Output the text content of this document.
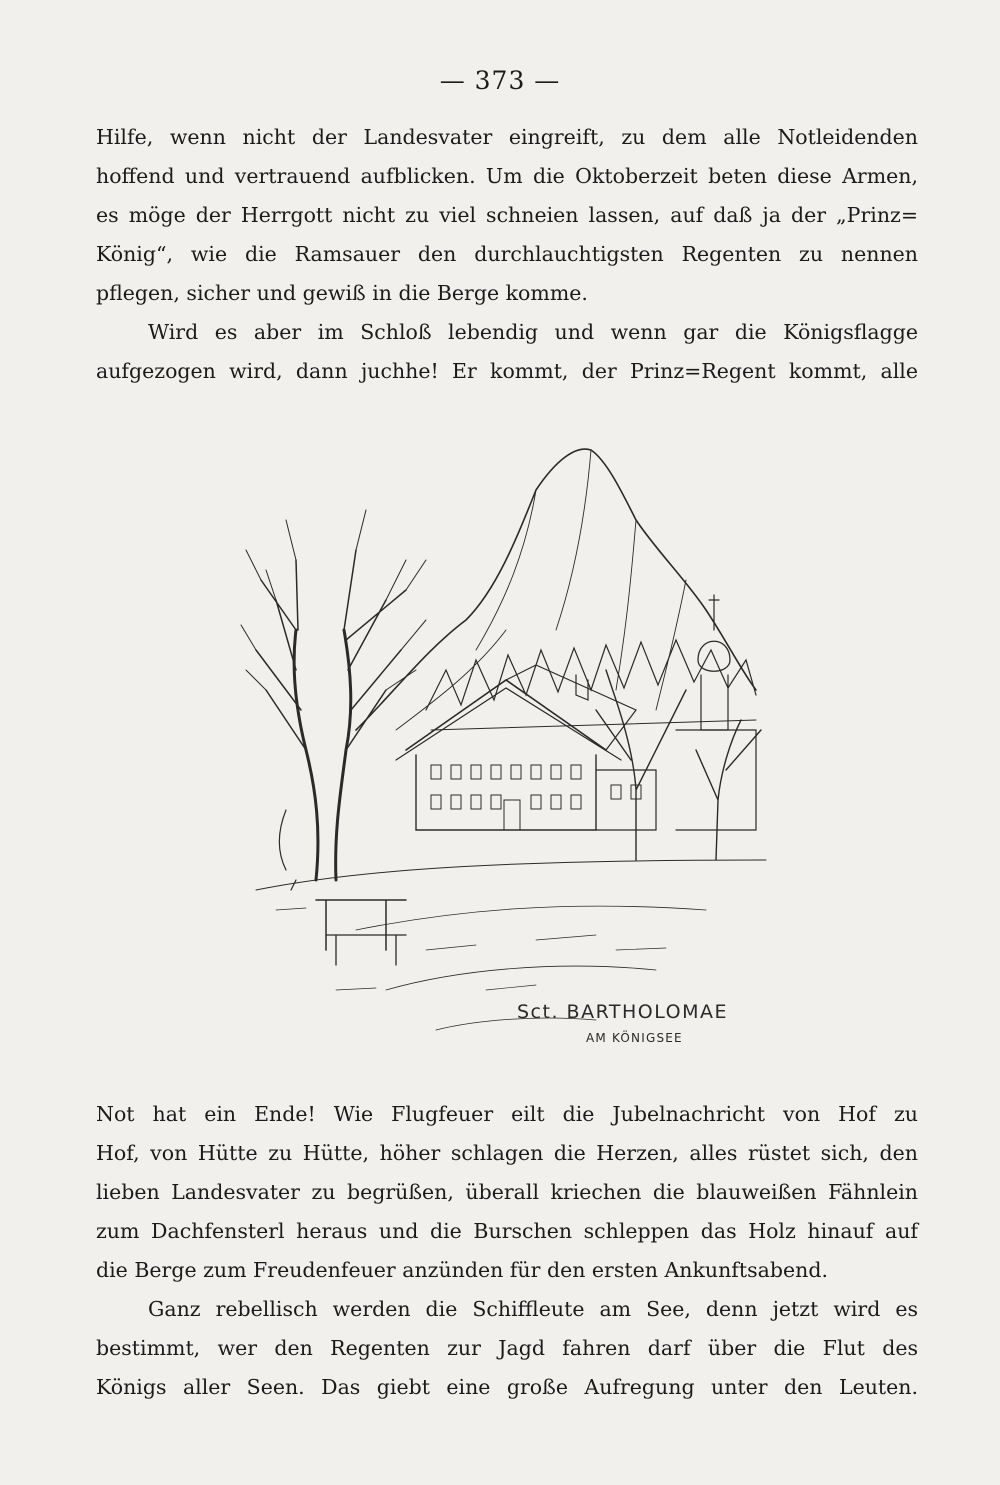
— 373 —
Hilfe, wenn nicht der Landesvater eingreift, zu dem alle Notleidenden
hoffend und vertrauend aufblicken. Um die Oktoberzeit beten diese Armen,
es möge der Herrgott nicht zu viel schneien lassen, auf daß ja der „Prinz=
König“, wie die Ramsauer den durchlauchtigsten Regenten zu nennen
pflegen, sicher und gewiß in die Berge komme.
Wird es aber im Schloß lebendig und wenn gar die Königsflagge
aufgezogen wird, dann juchhe! Er kommt, der Prinz=Regent kommt, alle
Sct. BARTHOLOMAE
AM KÖNIGSEE
Not hat ein Ende! Wie Flugfeuer eilt die Jubelnachricht von Hof zu
Hof, von Hütte zu Hütte, höher schlagen die Herzen, alles rüstet sich, den
lieben Landesvater zu begrüßen, überall kriechen die blauweißen Fähnlein
zum Dachfensterl heraus und die Burschen schleppen das Holz hinauf auf
die Berge zum Freudenfeuer anzünden für den ersten Ankunftsabend.
Ganz rebellisch werden die Schiffleute am See, denn jetzt wird es
bestimmt, wer den Regenten zur Jagd fahren darf über die Flut des
Königs aller Seen. Das giebt eine große Aufregung unter den Leuten.
